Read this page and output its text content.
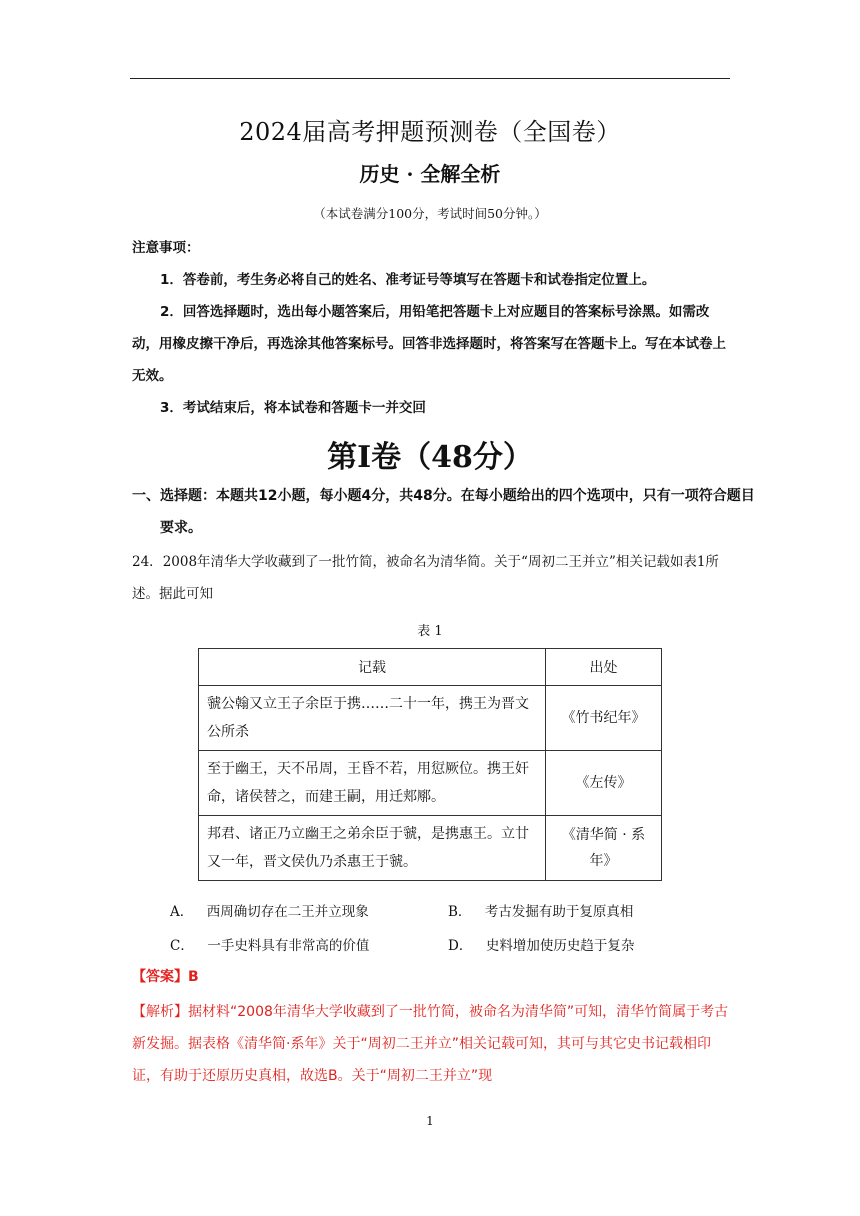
2024届高考押题预测卷（全国卷）
历史 · 全解全析
（本试卷满分100分，考试时间50分钟。）
注意事项：
1．答卷前，考生务必将自己的姓名、准考证号等填写在答题卡和试卷指定位置上。
2．回答选择题时，选出每小题答案后，用铅笔把答题卡上对应题目的答案标号涂黑。如需改动，用橡皮擦干净后，再选涂其他答案标号。回答非选择题时，将答案写在答题卡上。写在本试卷上无效。
3．考试结束后，将本试卷和答题卡一并交回
第Ⅰ卷（48分）
一、选择题：本题共12小题，每小题4分，共48分。在每小题给出的四个选项中，只有一项符合题目要求。
24．2008年清华大学收藏到了一批竹简，被命名为清华简。关于“周初二王并立”相关记载如表1所述。据此可知
表 1
记载	出处
虢公翰又立王子余臣于携……二十一年，携王为晋文公所杀	《竹书纪年》
至于幽王，天不吊周，王昏不若，用愆厥位。携王奸命，诸侯替之，而建王嗣，用迁郏鄏。	《左传》
邦君、诸正乃立幽王之弟余臣于虢，是携惠王。立廿又一年，晋文侯仇乃杀惠王于虢。	《清华简 · 系年》
A．  西周确切存在二王并立现象	B．  考古发掘有助于复原真相
C．  一手史料具有非常高的价值	D．  史料增加使历史趋于复杂
【答案】B
【解析】据材料“2008年清华大学收藏到了一批竹简，被命名为清华简”可知，清华竹简属于考古新发掘。据表格《清华简·系年》关于“周初二王并立”相关记载可知，其可与其它史书记载相印证，有助于还原历史真相，故选B。关于“周初二王并立”现
1
